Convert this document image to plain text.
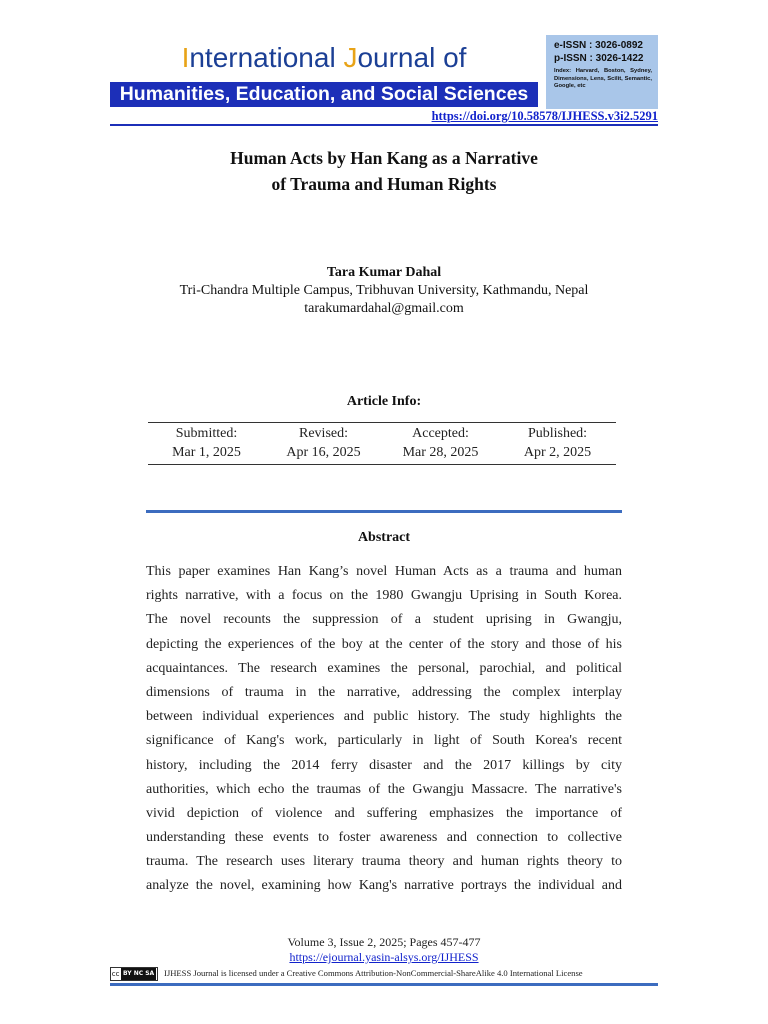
International Journal of
Humanities, Education, and Social Sciences
e-ISSN : 3026-0892
p-ISSN : 3026-1422
Index: Harvard, Boston, Sydney, Dimensions, Lens, Scilit, Semantic, Google, etc
https://doi.org/10.58578/IJHESS.v3i2.5291
Human Acts by Han Kang as a Narrative
of Trauma and Human Rights
Tara Kumar Dahal
Tri-Chandra Multiple Campus, Tribhuvan University, Kathmandu, Nepal
tarakumardahal@gmail.com
Article Info:
Submitted:	Revised:	Accepted:	Published:
Mar 1, 2025	Apr 16, 2025	Mar 28, 2025	Apr 2, 2025
Abstract
This paper examines Han Kang’s novel Human Acts as a trauma and human
rights narrative, with a focus on the 1980 Gwangju Uprising in South Korea.
The novel recounts the suppression of a student uprising in Gwangju,
depicting the experiences of the boy at the center of the story and those of his
acquaintances. The research examines the personal, parochial, and political
dimensions of trauma in the narrative, addressing the complex interplay
between individual experiences and public history. The study highlights the
significance of Kang's work, particularly in light of South Korea's recent
history, including the 2014 ferry disaster and the 2017 killings by city
authorities, which echo the traumas of the Gwangju Massacre. The narrative's
vivid depiction of violence and suffering emphasizes the importance of
understanding these events to foster awareness and connection to collective
trauma. The research uses literary trauma theory and human rights theory to
analyze the novel, examining how Kang's narrative portrays the individual and
Volume 3, Issue 2, 2025; Pages 457-477
https://ejournal.yasin-alsys.org/IJHESS
cc BY NC SA IJHESS Journal is licensed under a Creative Commons Attribution-NonCommercial-ShareAlike 4.0 International License
